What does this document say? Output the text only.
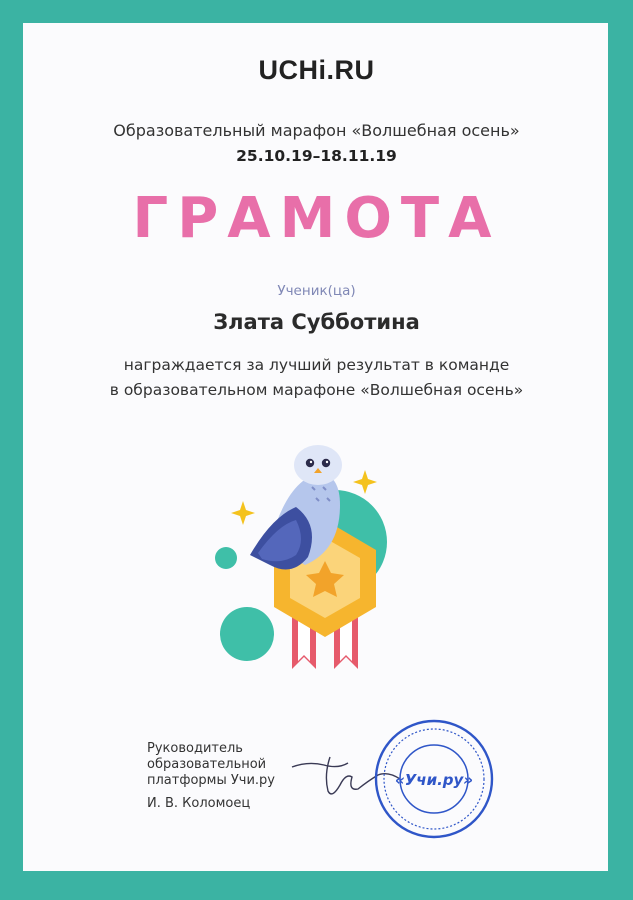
UCHi.RU
Образовательный марафон «Волшебная осень»
25.10.19–18.11.19
ГРАМОТА
Ученик(ца)
Злата Субботина
награждается за лучший результат в команде
в образовательном марафоне «Волшебная осень»
Руководитель
образовательной
платформы Учи.ру
И. В. Коломоец
«Учи.ру»
